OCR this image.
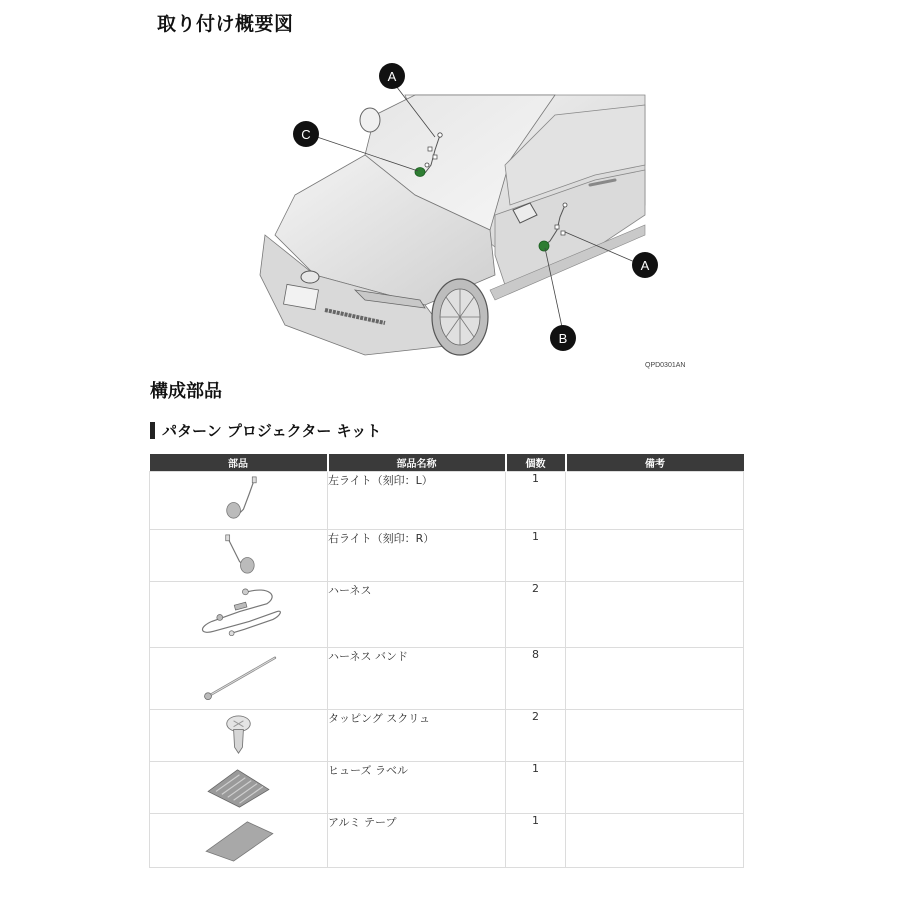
取り付け概要図
A
C
A
B
QPD0301AN
構成部品
パターン プロジェクター キット
部品	部品名称	個数	備考

	左ライト（刻印：L）	1	

	右ライト（刻印：R）	1	

	ハーネス	2	

	ハーネス バンド	8	

	タッピング スクリュ	2	

	ヒューズ ラベル	1	

	アルミ テープ	1	
